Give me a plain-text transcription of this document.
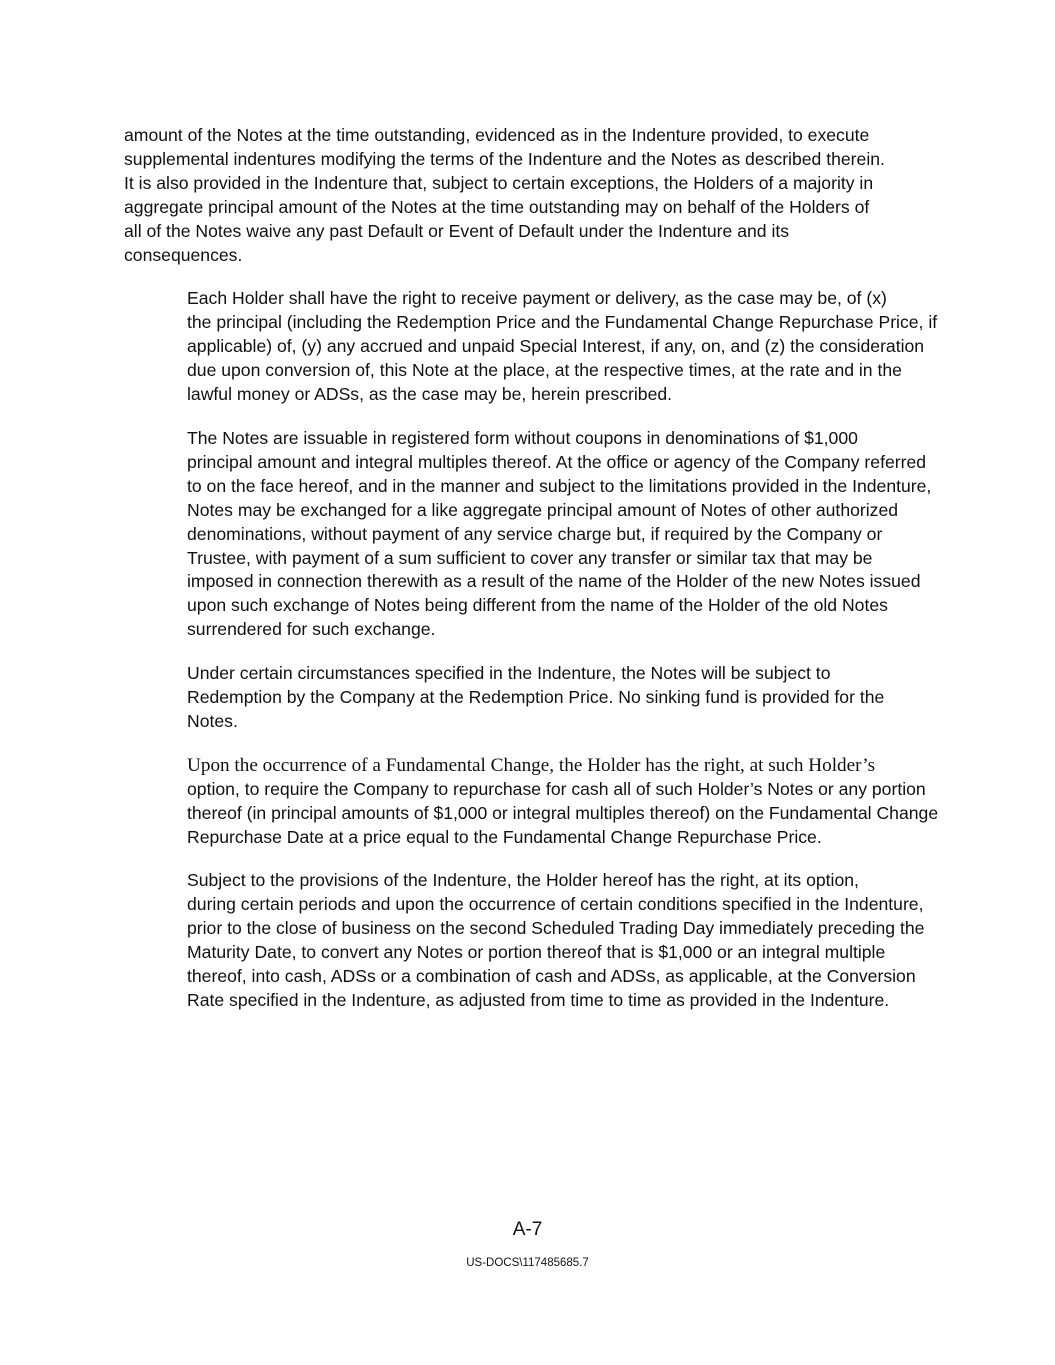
amount of the Notes at the time outstanding, evidenced as in the Indenture provided, to execute
supplemental indentures modifying the terms of the Indenture and the Notes as described therein.
It is also provided in the Indenture that, subject to certain exceptions, the Holders of a majority in
aggregate principal amount of the Notes at the time outstanding may on behalf of the Holders of
all of the Notes waive any past Default or Event of Default under the Indenture and its
consequences.

Each Holder shall have the right to receive payment or delivery, as the case may be, of (x)
the principal (including the Redemption Price and the Fundamental Change Repurchase Price, if
applicable) of, (y) any accrued and unpaid Special Interest, if any, on, and (z) the consideration
due upon conversion of, this Note at the place, at the respective times, at the rate and in the
lawful money or ADSs, as the case may be, herein prescribed.

The Notes are issuable in registered form without coupons in denominations of $1,000
principal amount and integral multiples thereof. At the office or agency of the Company referred
to on the face hereof, and in the manner and subject to the limitations provided in the Indenture,
Notes may be exchanged for a like aggregate principal amount of Notes of other authorized
denominations, without payment of any service charge but, if required by the Company or
Trustee, with payment of a sum sufficient to cover any transfer or similar tax that may be
imposed in connection therewith as a result of the name of the Holder of the new Notes issued
upon such exchange of Notes being different from the name of the Holder of the old Notes
surrendered for such exchange.

Under certain circumstances specified in the Indenture, the Notes will be subject to
Redemption by the Company at the Redemption Price. No sinking fund is provided for the
Notes.

Upon the occurrence of a Fundamental Change, the Holder has the right, at such Holder’s
option, to require the Company to repurchase for cash all of such Holder’s Notes or any portion
thereof (in principal amounts of $1,000 or integral multiples thereof) on the Fundamental Change
Repurchase Date at a price equal to the Fundamental Change Repurchase Price.

Subject to the provisions of the Indenture, the Holder hereof has the right, at its option,
during certain periods and upon the occurrence of certain conditions specified in the Indenture,
prior to the close of business on the second Scheduled Trading Day immediately preceding the
Maturity Date, to convert any Notes or portion thereof that is $1,000 or an integral multiple
thereof, into cash, ADSs or a combination of cash and ADSs, as applicable, at the Conversion
Rate specified in the Indenture, as adjusted from time to time as provided in the Indenture.

A-7
US-DOCS\117485685.7
